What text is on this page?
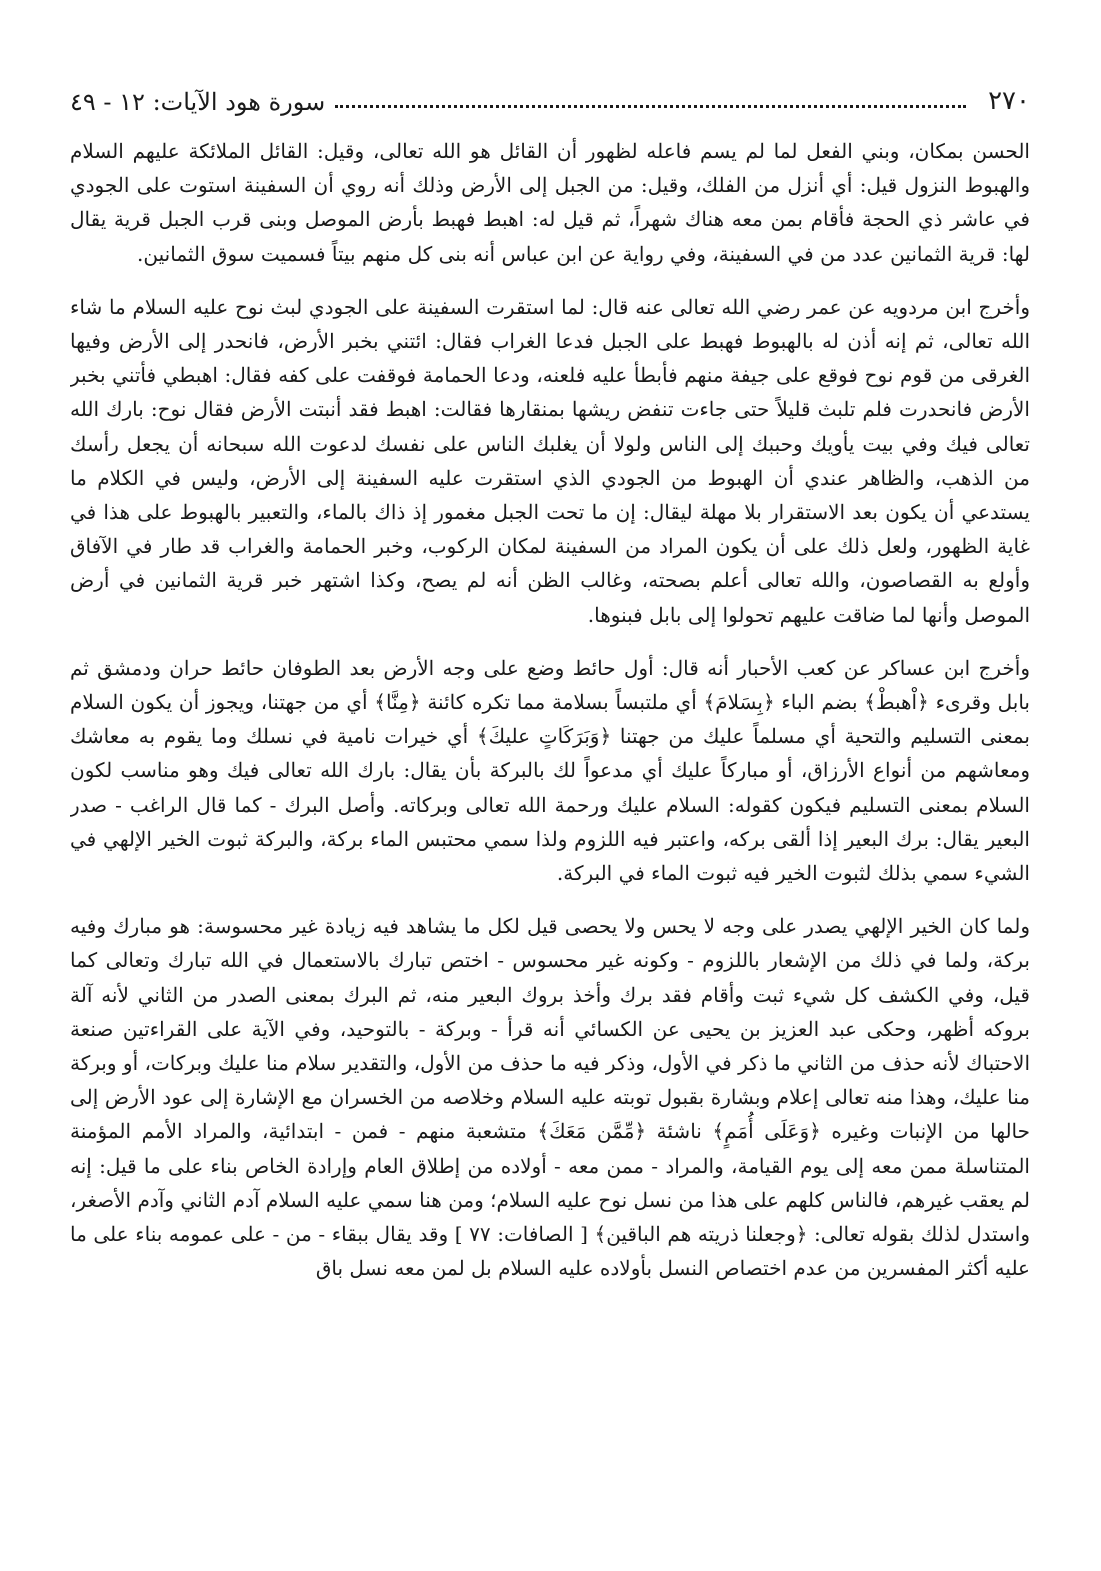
٢٧٠
سورة هود الآيات: ١٢ - ٤٩

الحسن بمكان، وبني الفعل لما لم يسم فاعله لظهور أن القائل هو الله تعالى، وقيل: القائل الملائكة عليهم السلام والهبوط النزول قيل: أي أنزل من الفلك، وقيل: من الجبل إلى الأرض وذلك أنه روي أن السفينة استوت على الجودي في عاشر ذي الحجة فأقام بمن معه هناك شهراً، ثم قيل له: اهبط فهبط بأرض الموصل وبنى قرب الجبل قرية يقال لها: قرية الثمانين عدد من في السفينة، وفي رواية عن ابن عباس أنه بنى كل منهم بيتاً فسميت سوق الثمانين.

وأخرج ابن مردويه عن عمر رضي الله تعالى عنه قال: لما استقرت السفينة على الجودي لبث نوح عليه السلام ما شاء الله تعالى، ثم إنه أذن له بالهبوط فهبط على الجبل فدعا الغراب فقال: ائتني بخبر الأرض، فانحدر إلى الأرض وفيها الغرقى من قوم نوح فوقع على جيفة منهم فأبطأ عليه فلعنه، ودعا الحمامة فوقفت على كفه فقال: اهبطي فأتني بخبر الأرض فانحدرت فلم تلبث قليلاً حتى جاءت تنفض ريشها بمنقارها فقالت: اهبط فقد أنبتت الأرض فقال نوح: بارك الله تعالى فيك وفي بيت يأويك وحببك إلى الناس ولولا أن يغلبك الناس على نفسك لدعوت الله سبحانه أن يجعل رأسك من الذهب، والظاهر عندي أن الهبوط من الجودي الذي استقرت عليه السفينة إلى الأرض، وليس في الكلام ما يستدعي أن يكون بعد الاستقرار بلا مهلة ليقال: إن ما تحت الجبل مغمور إذ ذاك بالماء، والتعبير بالهبوط على هذا في غاية الظهور، ولعل ذلك على أن يكون المراد من السفينة لمكان الركوب، وخبر الحمامة والغراب قد طار في الآفاق وأولع به القصاصون، والله تعالى أعلم بصحته، وغالب الظن أنه لم يصح، وكذا اشتهر خبر قرية الثمانين في أرض الموصل وأنها لما ضاقت عليهم تحولوا إلى بابل فبنوها.

وأخرج ابن عساكر عن كعب الأحبار أنه قال: أول حائط وضع على وجه الأرض بعد الطوفان حائط حران ودمشق ثم بابل وقرىء ﴿اْهبطْ﴾ بضم الباء ﴿بِسَلامَ﴾ أي ملتبساً بسلامة مما تكره كائنة ﴿مِنَّا﴾ أي من جهتنا، ويجوز أن يكون السلام بمعنى التسليم والتحية أي مسلماً عليك من جهتنا ﴿وَبَرَكَاتٍ عليكَ﴾ أي خيرات نامية في نسلك وما يقوم به معاشك ومعاشهم من أنواع الأرزاق، أو مباركاً عليك أي مدعواً لك بالبركة بأن يقال: بارك الله تعالى فيك وهو مناسب لكون السلام بمعنى التسليم فيكون كقوله: السلام عليك ورحمة الله تعالى وبركاته. وأصل البرك - كما قال الراغب - صدر البعير يقال: برك البعير إذا ألقى بركه، واعتبر فيه اللزوم ولذا سمي محتبس الماء بركة، والبركة ثبوت الخير الإلهي في الشيء سمي بذلك لثبوت الخير فيه ثبوت الماء في البركة.

ولما كان الخير الإلهي يصدر على وجه لا يحس ولا يحصى قيل لكل ما يشاهد فيه زيادة غير محسوسة: هو مبارك وفيه بركة، ولما في ذلك من الإشعار باللزوم - وكونه غير محسوس - اختص تبارك بالاستعمال في الله تبارك وتعالى كما قيل، وفي الكشف كل شيء ثبت وأقام فقد برك وأخذ بروك البعير منه، ثم البرك بمعنى الصدر من الثاني لأنه آلة بروكه أظهر، وحكى عبد العزيز بن يحيى عن الكسائي أنه قرأ - وبركة - بالتوحيد، وفي الآية على القراءتين صنعة الاحتباك لأنه حذف من الثاني ما ذكر في الأول، وذكر فيه ما حذف من الأول، والتقدير سلام منا عليك وبركات، أو وبركة منا عليك، وهذا منه تعالى إعلام وبشارة بقبول توبته عليه السلام وخلاصه من الخسران مع الإشارة إلى عود الأرض إلى حالها من الإنبات وغيره ﴿وَعَلَى أُمَمٍ﴾ ناشئة ﴿مِّمَّن مَعَكَ﴾ متشعبة منهم - فمن - ابتدائية، والمراد الأمم المؤمنة المتناسلة ممن معه إلى يوم القيامة، والمراد - ممن معه - أولاده من إطلاق العام وإرادة الخاص بناء على ما قيل: إنه لم يعقب غيرهم، فالناس كلهم على هذا من نسل نوح عليه السلام؛ ومن هنا سمي عليه السلام آدم الثاني وآدم الأصغر، واستدل لذلك بقوله تعالى: ﴿وجعلنا ذريته هم الباقين﴾ [ الصافات: ٧٧ ] وقد يقال ببقاء - من - على عمومه بناء على ما عليه أكثر المفسرين من عدم اختصاص النسل بأولاده عليه السلام بل لمن معه نسل باق
